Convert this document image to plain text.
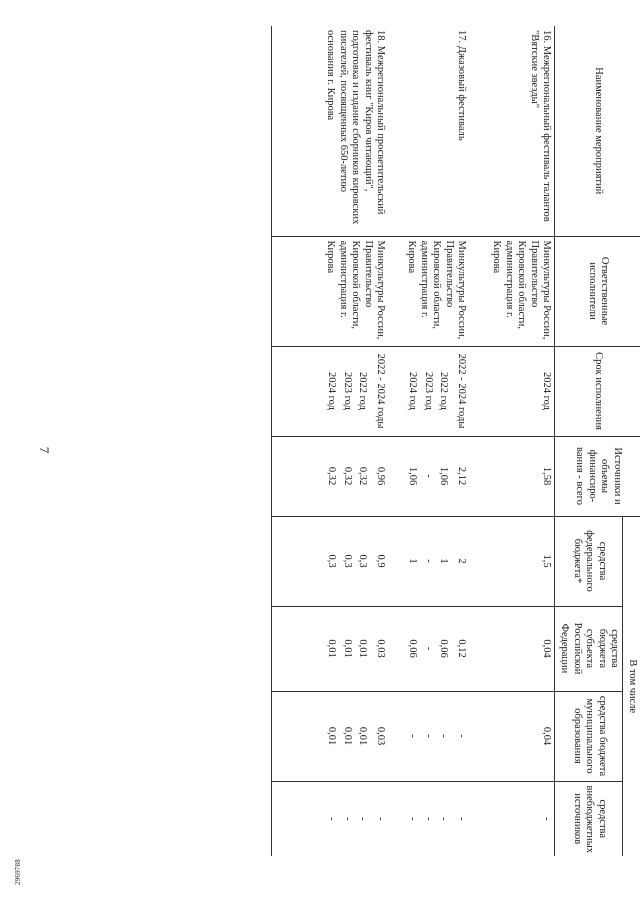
7
2969788
Наименование мероприятий	Ответственные исполнители	Срок исполнения	Источники и объемы финансиро-вания - всего	В том числе			
				средства федерального бюджета*	средства бюджета субъекта Российской Федерации	средства бюджета муниципального образования	средства внебюджетных источников
16. Межрегиональный фестиваль талантов "Вятские звезды"	Минкультуры России, Правительство Кировской области, администрация г. Кирова	2024 год	1,58	1,5	0,04	0,04	-

17. Джазовый фестиваль	Минкультуры России, Правительство Кировской области, администрация г. Кирова	2022 - 2024 годы	2,12	2	0,12	-	-
		2022 год	1,06	1	0,06	-	-
		2023 год	-	-	-	-	-
		2024 год	1,06	1	0,06	-	-

18. Межрегиональный просветительский фестиваль книг "Киров читающий", подготовка и издание сборников кировских писателей, посвященных 650-летию основания г. Кирова	Минкультуры России, Правительство Кировской области, администрация г. Кирова	2022 - 2024 годы	0,96	0,9	0,03	0,03	-
		2022 год	0,32	0,3	0,01	0,01	-
		2023 год	0,32	0,3	0,01	0,01	-
		2024 год	0,32	0,3	0,01	0,01	-
